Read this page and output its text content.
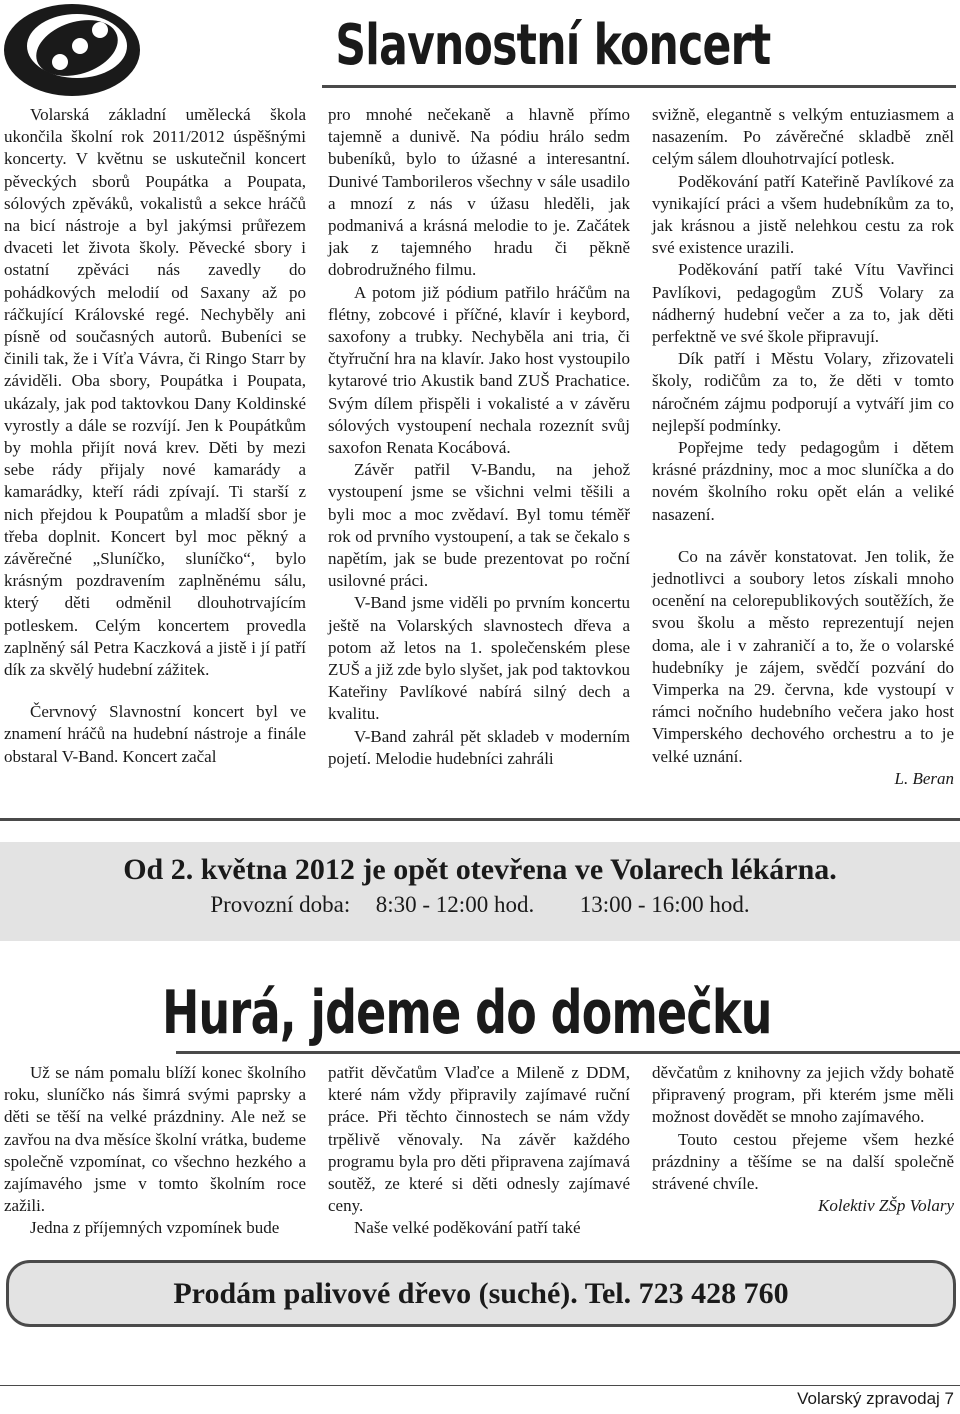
Slavnostní koncert

Volarská základní umělecká škola ukončila školní rok 2011/2012 úspěšnými koncerty. V květnu se uskutečnil koncert pěveckých sborů Poupátka a Poupata, sólových zpěváků, vokalistů a sekce hráčů na bicí nástroje a byl jakýmsi průřezem dvaceti let života školy. Pěvecké sbory i ostatní zpěváci nás zavedly do pohádkových melodií od Saxany až po ráčkující Královské regé. Nechyběly ani písně od současných autorů. Bubeníci se činili tak, že i Víťa Vávra, či Ringo Starr by záviděli. Oba sbory, Poupátka i Poupata, ukázaly, jak pod taktovkou Dany Koldinské vyrostly a dále se rozvíjí. Jen k Poupátkům by mohla přijít nová krev. Děti by mezi sebe rády přijaly nové kamarády a kamarádky, kteří rádi zpívají. Ti starší z nich přejdou k Poupatům a mladší sbor je třeba doplnit. Koncert byl moc pěkný a závěrečné „Sluníčko, sluníčko“, bylo krásným pozdravením zaplněnému sálu, který děti odměnil dlouhotrvajícím potleskem. Celým koncertem provedla zaplněný sál Petra Kaczková a jistě i jí patří dík za skvělý hudební zážitek.

Červnový Slavnostní koncert byl ve znamení hráčů na hudební nástroje a finále obstaral V-Band. Koncert začal

pro mnohé nečekaně a hlavně přímo tajemně a dunivě. Na pódiu hrálo sedm bubeníků, bylo to úžasné a interesantní. Dunivé Tamborileros všechny v sále usadilo a mnozí z nás v úžasu hleděli, jak podmanivá a krásná melodie to je. Začátek jak z tajemného hradu či pěkně dobrodružného filmu.

A potom již pódium patřilo hráčům na flétny, zobcové i příčné, klavír i keybord, saxofony a trubky. Nechyběla ani tria, či čtyřruční hra na klavír. Jako host vystoupilo kytarové trio Akustik band ZUŠ Prachatice. Svým dílem přispěli i vokalisté a v závěru sólových vystoupení nechala rozeznít svůj saxofon Renata Kocábová.

Závěr patřil V-Bandu, na jehož vystoupení jsme se všichni velmi těšili a byli moc a moc zvědaví. Byl tomu téměř rok od prvního vystoupení, a tak se čekalo s napětím, jak se bude prezentovat po roční usilovné práci.

V-Band jsme viděli po prvním koncertu ještě na Volarských slavnostech dřeva a potom až letos na 1. společenském plese ZUŠ a již zde bylo slyšet, jak pod taktovkou Kateřiny Pavlíkové nabírá silný dech a kvalitu.

V-Band zahrál pět skladeb v moderním pojetí. Melodie hudebníci zahráli

svižně, elegantně s velkým entuziasmem a nasazením. Po závěrečné skladbě zněl celým sálem dlouhotrvající potlesk.

Poděkování patří Kateřině Pavlíkové za vynikající práci a všem hudebníkům za to, jak krásnou a jistě nelehkou cestu za rok své existence urazili.

Poděkování patří také Vítu Vavřinci Pavlíkovi, pedagogům ZUŠ Volary za nádherný hudební večer a za to, jak děti perfektně ve své škole připravují.

Dík patří i Městu Volary, zřizovateli školy, rodičům za to, že děti v tomto náročném zájmu podporují a vytváří jim co nejlepší podmínky.

Popřejme tedy pedagogům i dětem krásné prázdniny, moc a moc sluníčka a do novém školního roku opět elán a veliké nasazení.

Co na závěr konstatovat. Jen tolik, že jednotlivci a soubory letos získali mnoho ocenění na celorepublikových soutěžích, že svou školu a město reprezentují nejen doma, ale i v zahraničí a to, že o volarské hudebníky je zájem, svědčí pozvání do Vimperka na 29. června, kde vystoupí v rámci nočního hudebního večera jako host Vimperského dechového orchestru a to je velké uznání.

L. Beran

Od 2. května 2012 je opět otevřena ve Volarech lékárna.

Provozní doba: 8:30 - 12:00 hod. 13:00 - 16:00 hod.

Hurá, jdeme do domečku

Už se nám pomalu blíží konec školního roku, sluníčko nás šimrá svými paprsky a děti se těší na velké prázdniny. Ale než se zavřou na dva měsíce školní vrátka, budeme společně vzpomínat, co všechno hezkého a zajímavého jsme v tomto školním roce zažili.

Jedna z příjemných vzpomínek bude

patřit děvčatům Vlaďce a Mileně z DDM, které nám vždy připravily zajímavé ruční práce. Při těchto činnostech se nám vždy trpělivě věnovaly. Na závěr každého programu byla pro děti připravena zajímavá soutěž, ze které si děti odnesly zajímavé ceny.

Naše velké poděkování patří také

děvčatům z knihovny za jejich vždy bohatě připravený program, při kterém jsme měli možnost dovědět se mnoho zajímavého.

Touto cestou přejeme všem hezké prázdniny a těšíme se na další společně strávené chvíle.

Kolektiv ZŠp Volary

Prodám palivové dřevo (suché). Tel. 723 428 760

Volarský zpravodaj 7
